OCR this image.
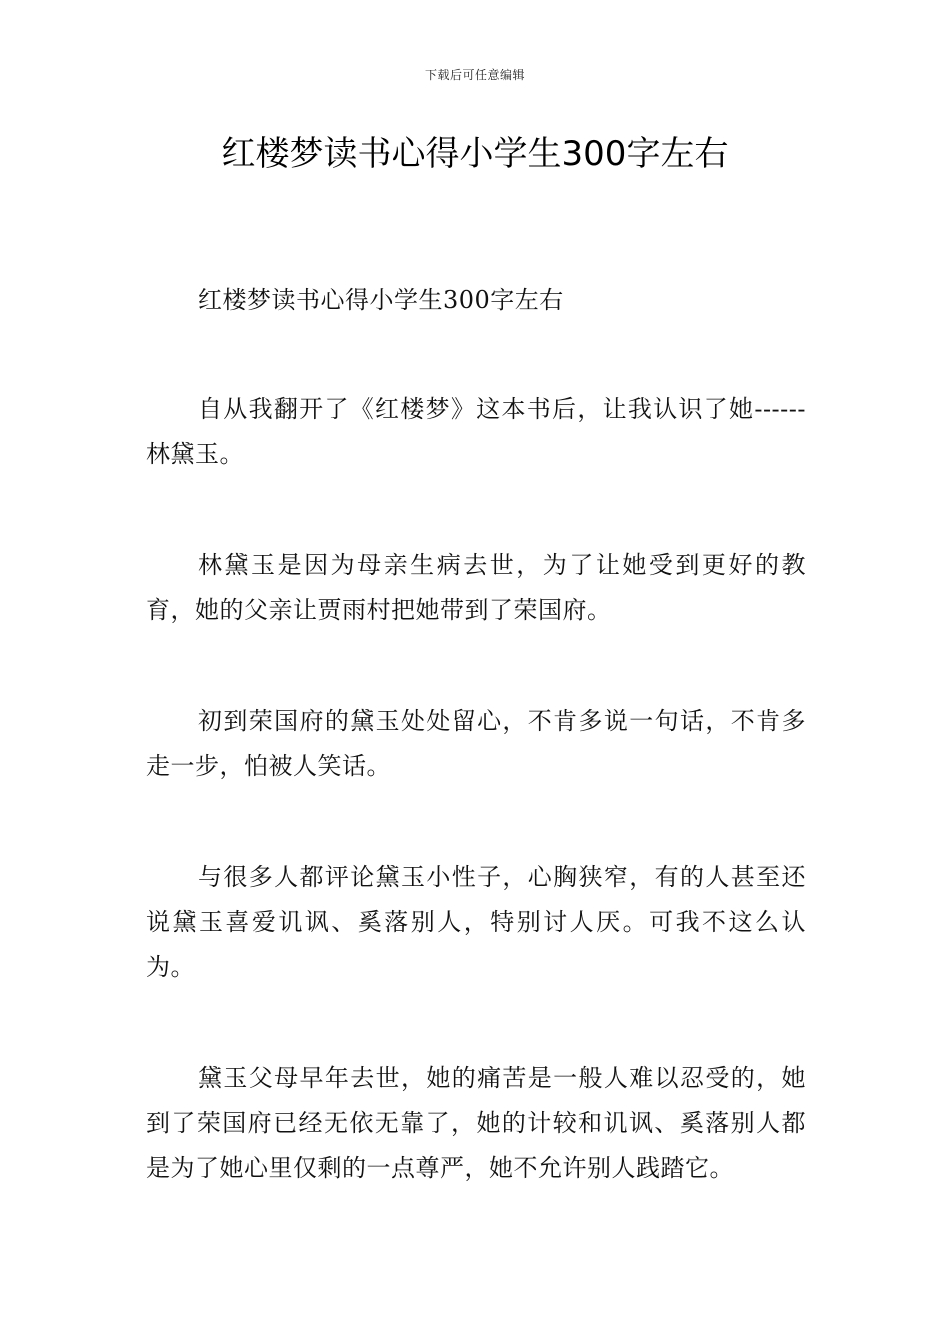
下载后可任意编辑
红楼梦读书心得小学生300字左右

红楼梦读书心得小学生300字左右

自从我翻开了《红楼梦》这本书后，让我认识了她------林黛玉。

林黛玉是因为母亲生病去世，为了让她受到更好的教育，她的父亲让贾雨村把她带到了荣国府。

初到荣国府的黛玉处处留心，不肯多说一句话，不肯多走一步，怕被人笑话。

与很多人都评论黛玉小性子，心胸狭窄，有的人甚至还说黛玉喜爱讥讽、奚落别人，特别讨人厌。可我不这么认为。

黛玉父母早年去世，她的痛苦是一般人难以忍受的，她到了荣国府已经无依无靠了，她的计较和讥讽、奚落别人都是为了她心里仅剩的一点尊严，她不允许别人践踏它。
